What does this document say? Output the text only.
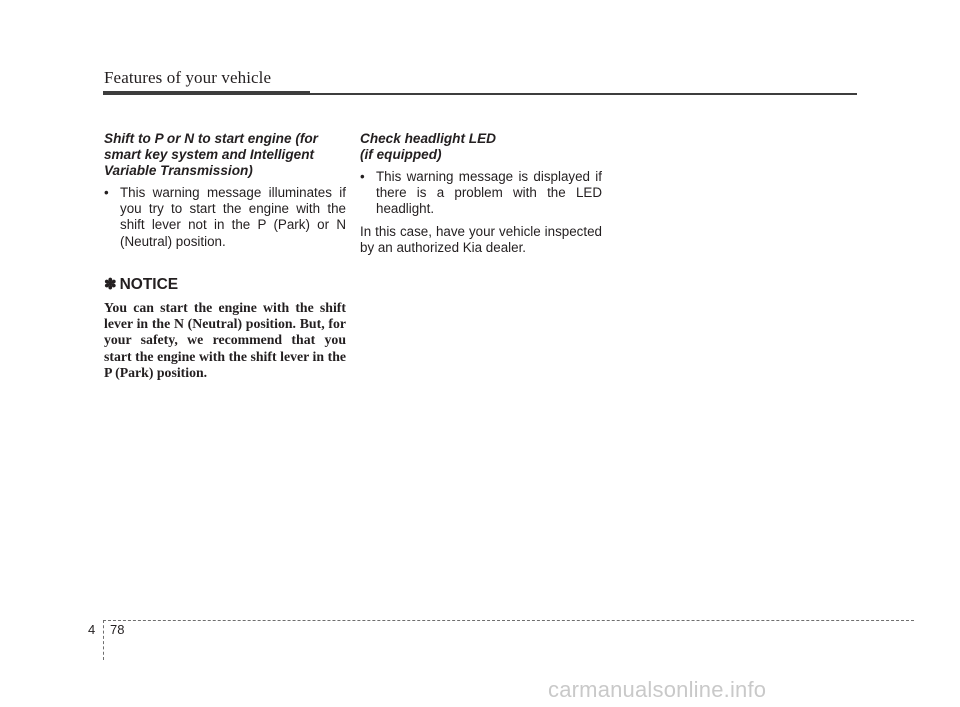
Features of your vehicle
Shift to P or N to start engine (for
smart key system and Intelligent
Variable Transmission)
• This warning message illuminates if you try to start the engine with the shift lever not in the P (Park) or N (Neutral) position.
✽ NOTICE
You can start the engine with the shift lever in the N (Neutral) position. But, for your safety, we recommend that you start the engine with the shift lever in the P (Park) position.
Check headlight LED
(if equipped)
• This warning message is displayed if there is a problem with the LED headlight.
In this case, have your vehicle inspected by an authorized Kia dealer.
4 78
carmanualsonline.info
